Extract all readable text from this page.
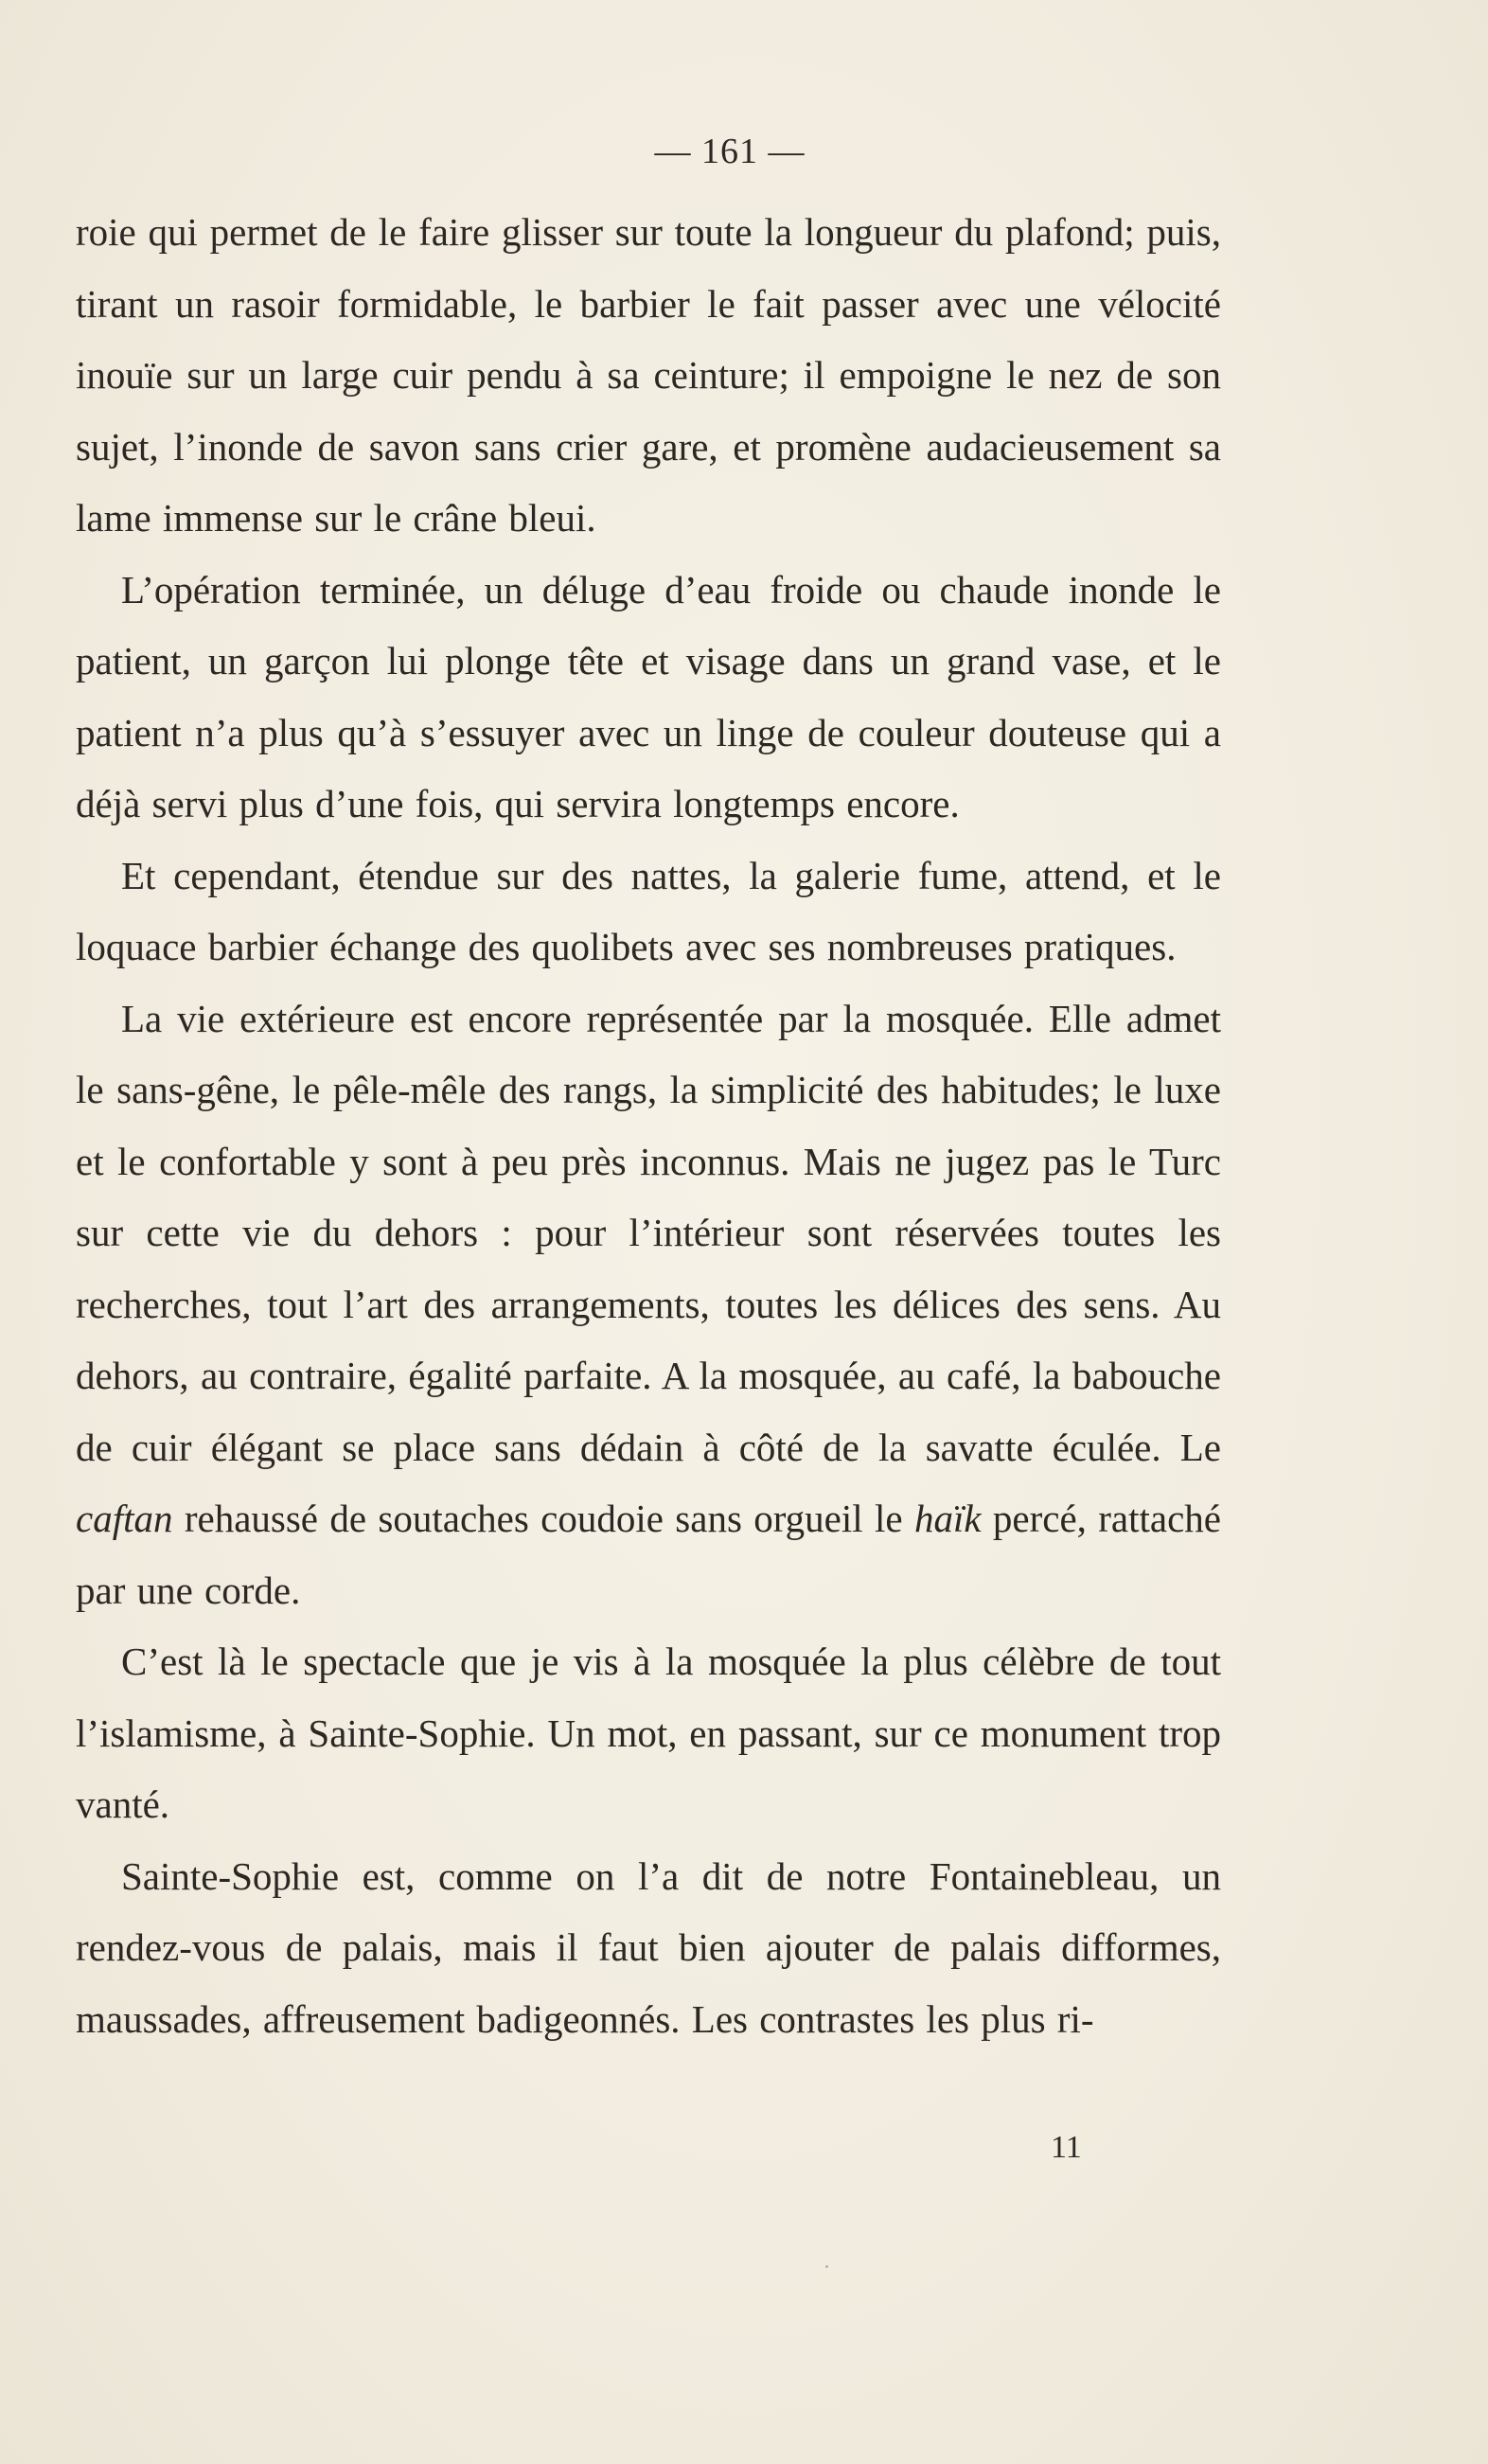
— 161 —

roie qui permet de le faire glisser sur toute la longueur du plafond; puis, tirant un rasoir formidable, le barbier le fait passer avec une vélocité inouïe sur un large cuir pendu à sa ceinture; il empoigne le nez de son sujet, l’inonde de savon sans crier gare, et promène audacieusement sa lame immense sur le crâne bleui.

L’opération terminée, un déluge d’eau froide ou chaude inonde le patient, un garçon lui plonge tête et visage dans un grand vase, et le patient n’a plus qu’à s’essuyer avec un linge de couleur douteuse qui a déjà servi plus d’une fois, qui servira longtemps encore.

Et cependant, étendue sur des nattes, la galerie fume, attend, et le loquace barbier échange des quolibets avec ses nombreuses pratiques.

La vie extérieure est encore représentée par la mosquée. Elle admet le sans-gêne, le pêle-mêle des rangs, la simplicité des habitudes; le luxe et le confortable y sont à peu près inconnus. Mais ne jugez pas le Turc sur cette vie du dehors : pour l’intérieur sont réservées toutes les recherches, tout l’art des arrangements, toutes les délices des sens. Au dehors, au contraire, égalité parfaite. A la mosquée, au café, la babouche de cuir élégant se place sans dédain à côté de la savatte éculée. Le caftan rehaussé de soutaches coudoie sans orgueil le haïk percé, rattaché par une corde.

C’est là le spectacle que je vis à la mosquée la plus célèbre de tout l’islamisme, à Sainte-Sophie. Un mot, en passant, sur ce monument trop vanté.

Sainte-Sophie est, comme on l’a dit de notre Fontainebleau, un rendez-vous de palais, mais il faut bien ajouter de palais difformes, maussades, affreusement badigeonnés. Les contrastes les plus ri-

11
